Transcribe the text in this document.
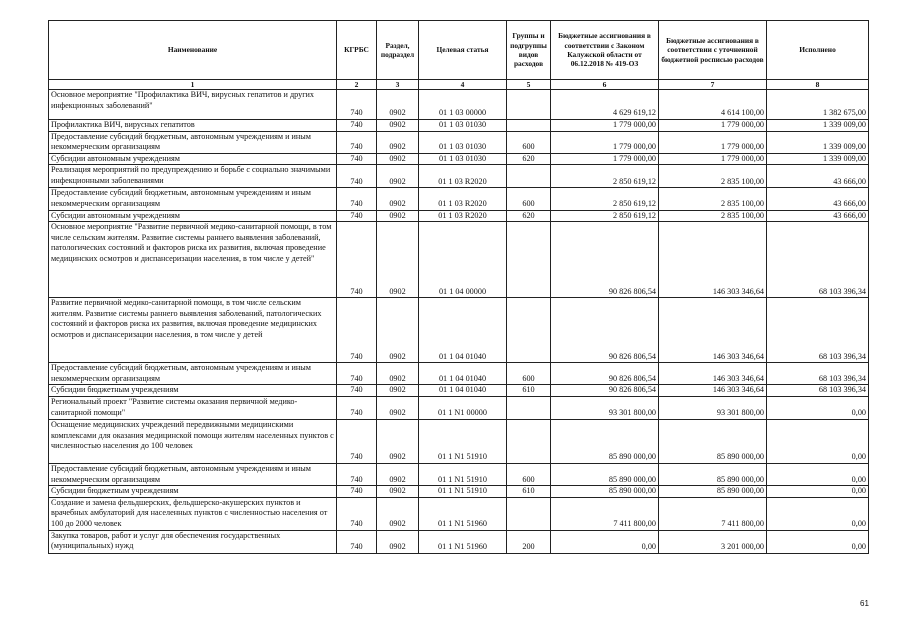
Наименование	КГРБС	Раздел, подраздел	Целевая статья	Группы и подгруппы видов расходов	Бюджетные ассигнования в соответствии с Законом Калужской области от 06.12.2018 № 419-ОЗ	Бюджетные ассигнования в соответствии с уточненной бюджетной росписью расходов	Исполнено
1	2	3	4	5	6	7	8
Основное мероприятие "Профилактика ВИЧ, вирусных гепатитов и других инфекционных заболеваний"	740	0902	01 1 03 00000		4 629 619,12	4 614 100,00	1 382 675,00
Профилактика ВИЧ, вирусных гепатитов	740	0902	01 1 03 01030		1 779 000,00	1 779 000,00	1 339 009,00
Предоставление субсидий бюджетным, автономным учреждениям и иным некоммерческим организациям	740	0902	01 1 03 01030	600	1 779 000,00	1 779 000,00	1 339 009,00
Субсидии автономным учреждениям	740	0902	01 1 03 01030	620	1 779 000,00	1 779 000,00	1 339 009,00
Реализация мероприятий по предупреждению и борьбе с социально значимыми инфекционными заболеваниями	740	0902	01 1 03 R2020		2 850 619,12	2 835 100,00	43 666,00
Предоставление субсидий бюджетным, автономным учреждениям и иным некоммерческим организациям	740	0902	01 1 03 R2020	600	2 850 619,12	2 835 100,00	43 666,00
Субсидии автономным учреждениям	740	0902	01 1 03 R2020	620	2 850 619,12	2 835 100,00	43 666,00
Основное мероприятие "Развитие первичной медико-санитарной помощи, в том числе сельским жителям. Развитие системы раннего выявления заболеваний, патологических состояний и факторов риска их развития, включая проведение медицинских осмотров и диспансеризации населения, в том числе у детей"	740	0902	01 1 04 00000		90 826 806,54	146 303 346,64	68 103 396,34
Развитие первичной медико-санитарной помощи, в том числе сельским жителям. Развитие системы раннего выявления заболеваний, патологических состояний и факторов риска их развития, включая проведение медицинских осмотров и диспансеризации населения, в том числе у детей	740	0902	01 1 04 01040		90 826 806,54	146 303 346,64	68 103 396,34
Предоставление субсидий бюджетным, автономным учреждениям и иным некоммерческим организациям	740	0902	01 1 04 01040	600	90 826 806,54	146 303 346,64	68 103 396,34
Субсидии бюджетным учреждениям	740	0902	01 1 04 01040	610	90 826 806,54	146 303 346,64	68 103 396,34
Региональный проект "Развитие системы оказания первичной медико-санитарной помощи"	740	0902	01 1 N1 00000		93 301 800,00	93 301 800,00	0,00
Оснащение медицинских учреждений передвижными медицинскими комплексами для оказания медицинской помощи жителям населенных пунктов с численностью населения до 100 человек	740	0902	01 1 N1 51910		85 890 000,00	85 890 000,00	0,00
Предоставление субсидий бюджетным, автономным учреждениям и иным некоммерческим организациям	740	0902	01 1 N1 51910	600	85 890 000,00	85 890 000,00	0,00
Субсидии бюджетным учреждениям	740	0902	01 1 N1 51910	610	85 890 000,00	85 890 000,00	0,00
Создание и замена фельдшерских, фельдшерско-акушерских пунктов и врачебных амбулаторий для населенных пунктов с численностью населения от 100 до 2000 человек	740	0902	01 1 N1 51960		7 411 800,00	7 411 800,00	0,00
Закупка товаров, работ и услуг для обеспечения государственных (муниципальных) нужд	740	0902	01 1 N1 51960	200	0,00	3 201 000,00	0,00
61
